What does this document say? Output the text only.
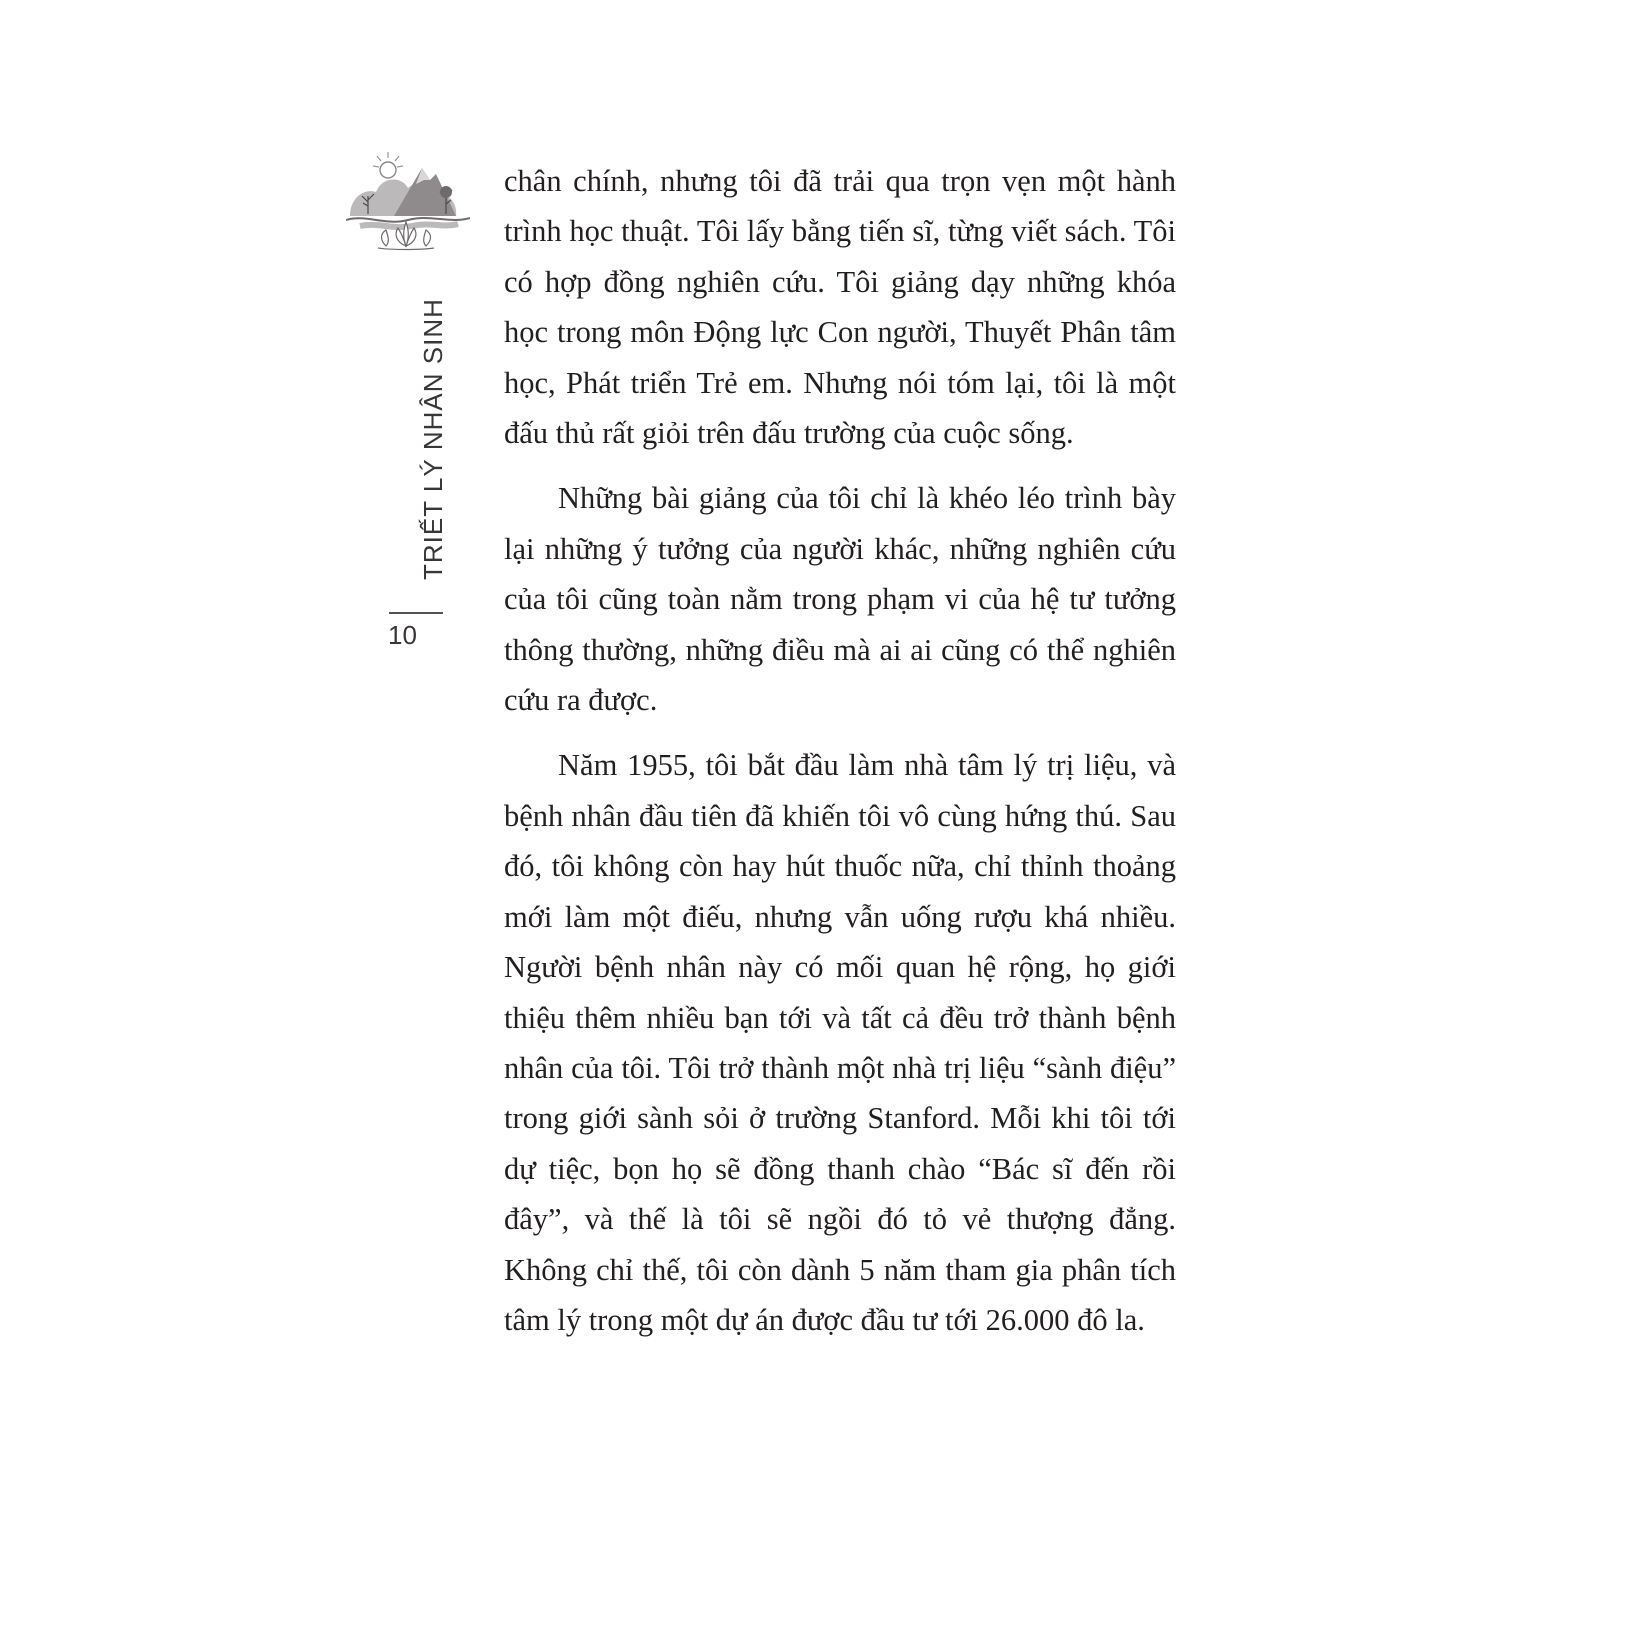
TRIẾT LÝ NHÂN SINH
10

chân chính, nhưng tôi đã trải qua trọn vẹn một hành trình học thuật. Tôi lấy bằng tiến sĩ, từng viết sách. Tôi có hợp đồng nghiên cứu. Tôi giảng dạy những khóa học trong môn Động lực Con người, Thuyết Phân tâm học, Phát triển Trẻ em. Nhưng nói tóm lại, tôi là một đấu thủ rất giỏi trên đấu trường của cuộc sống.

Những bài giảng của tôi chỉ là khéo léo trình bày lại những ý tưởng của người khác, những nghiên cứu của tôi cũng toàn nằm trong phạm vi của hệ tư tưởng thông thường, những điều mà ai ai cũng có thể nghiên cứu ra được.

Năm 1955, tôi bắt đầu làm nhà tâm lý trị liệu, và bệnh nhân đầu tiên đã khiến tôi vô cùng hứng thú. Sau đó, tôi không còn hay hút thuốc nữa, chỉ thỉnh thoảng mới làm một điếu, nhưng vẫn uống rượu khá nhiều. Người bệnh nhân này có mối quan hệ rộng, họ giới thiệu thêm nhiều bạn tới và tất cả đều trở thành bệnh nhân của tôi. Tôi trở thành một nhà trị liệu “sành điệu” trong giới sành sỏi ở trường Stanford. Mỗi khi tôi tới dự tiệc, bọn họ sẽ đồng thanh chào “Bác sĩ đến rồi đây”, và thế là tôi sẽ ngồi đó tỏ vẻ thượng đẳng. Không chỉ thế, tôi còn dành 5 năm tham gia phân tích tâm lý trong một dự án được đầu tư tới 26.000 đô la.
